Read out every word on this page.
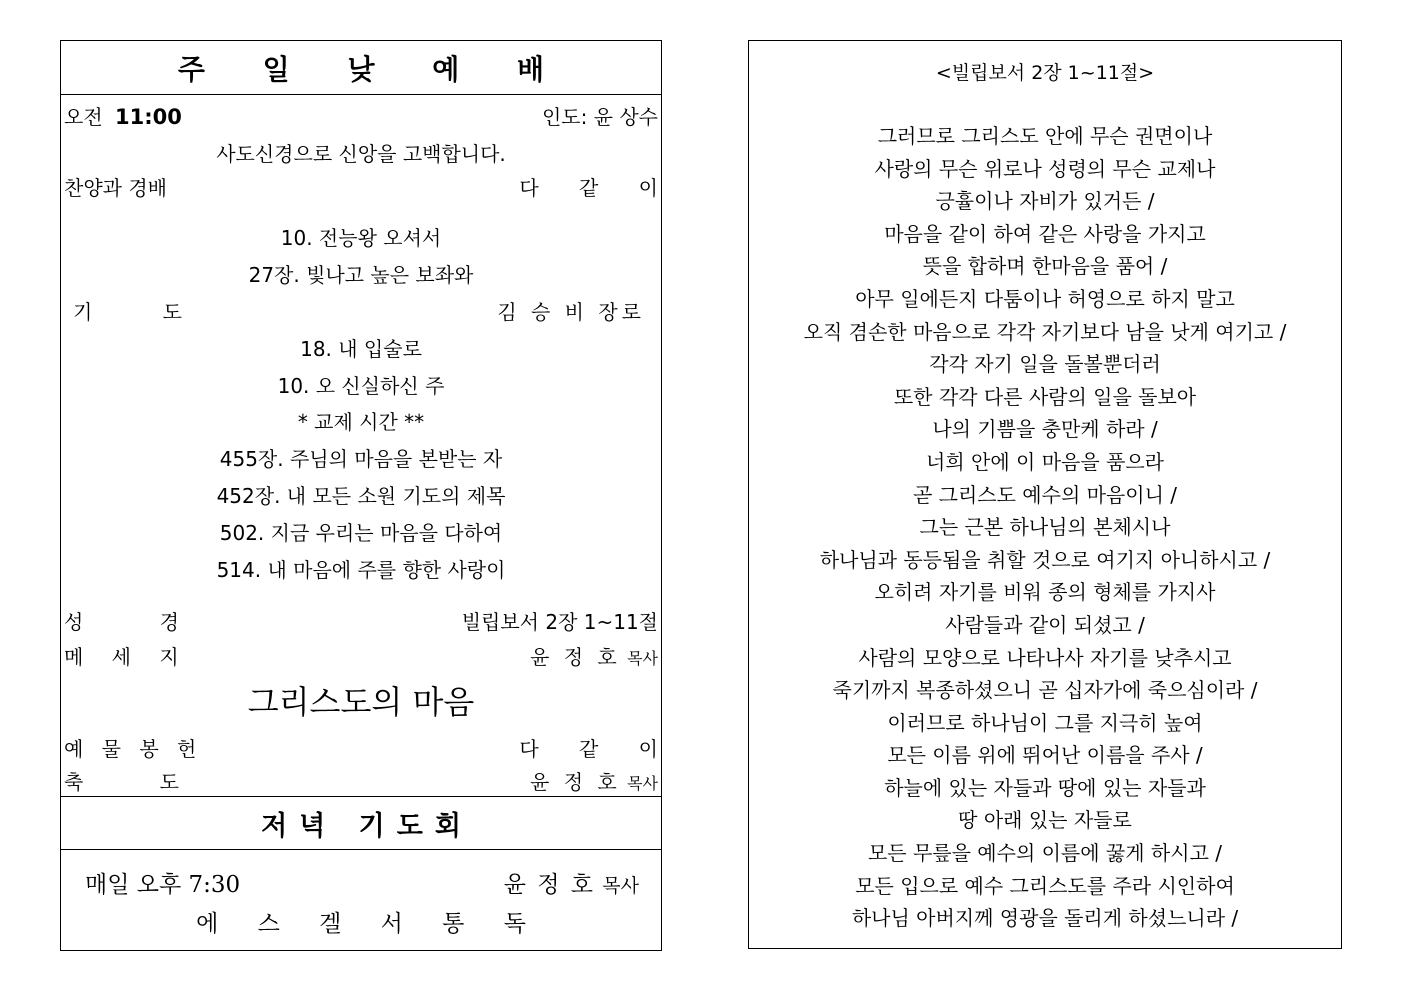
주 일 낮 예 배
오전 11:00	인도: 윤 상수
사도신경으로 신앙을 고백합니다.
찬양과 경배	다 같 이
10. 전능왕 오셔서
27장. 빛나고 높은 보좌와
기 도	김 승 비 장로
18. 내 입술로
10. 오 신실하신 주
* 교제 시간 **
455장. 주님의 마음을 본받는 자
452장. 내 모든 소원 기도의 제목
502. 지금 우리는 마음을 다하여
514. 내 마음에 주를 향한 사랑이
성 경	빌립보서 2장 1~11절
메 세 지	윤 정 호 목사
그리스도의 마음
예 물 봉 헌	다 같 이
축 도	윤 정 호 목사
저녁 기도회
매일 오후 7:30	윤 정 호 목사
에 스 겔 서 통 독
<빌립보서 2장 1~11절>
그러므로 그리스도 안에 무슨 권면이나
사랑의 무슨 위로나 성령의 무슨 교제나
긍휼이나 자비가 있거든 /
마음을 같이 하여 같은 사랑을 가지고
뜻을 합하며 한마음을 품어 /
아무 일에든지 다툼이나 허영으로 하지 말고
오직 겸손한 마음으로 각각 자기보다 남을 낫게 여기고 /
각각 자기 일을 돌볼뿐더러
또한 각각 다른 사람의 일을 돌보아
나의 기쁨을 충만케 하라 /
너희 안에 이 마음을 품으라
곧 그리스도 예수의 마음이니 /
그는 근본 하나님의 본체시나
하나님과 동등됨을 취할 것으로 여기지 아니하시고 /
오히려 자기를 비워 종의 형체를 가지사
사람들과 같이 되셨고 /
사람의 모양으로 나타나사 자기를 낮추시고
죽기까지 복종하셨으니 곧 십자가에 죽으심이라 /
이러므로 하나님이 그를 지극히 높여
모든 이름 위에 뛰어난 이름을 주사 /
하늘에 있는 자들과 땅에 있는 자들과
땅 아래 있는 자들로
모든 무릎을 예수의 이름에 꿇게 하시고 /
모든 입으로 예수 그리스도를 주라 시인하여
하나님 아버지께 영광을 돌리게 하셨느니라 /
